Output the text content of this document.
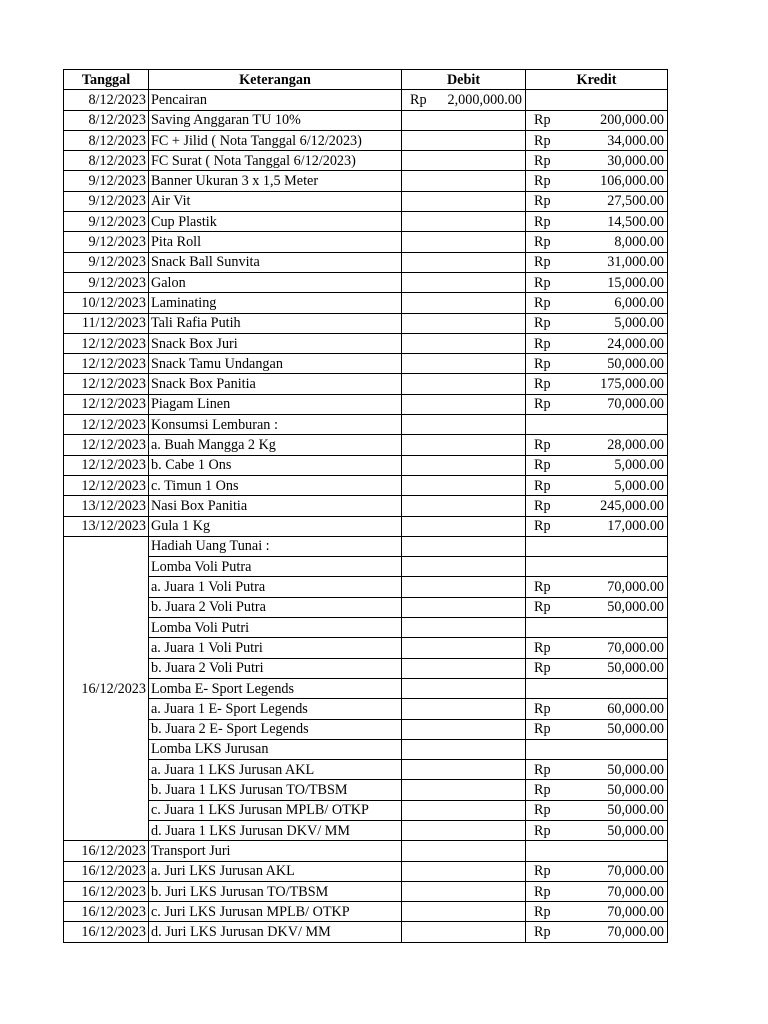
Tanggal	Keterangan	Debit	Kredit
8/12/2023	Pencairan	Rp 2,000,000.00	

8/12/2023	Saving Anggaran TU 10%		Rp 200,000.00

8/12/2023	FC + Jilid ( Nota Tanggal 6/12/2023)		Rp 34,000.00

8/12/2023	FC Surat ( Nota Tanggal 6/12/2023)		Rp 30,000.00

9/12/2023	Banner Ukuran 3 x 1,5 Meter		Rp 106,000.00

9/12/2023	Air Vit		Rp 27,500.00

9/12/2023	Cup Plastik		Rp 14,500.00

9/12/2023	Pita Roll		Rp 8,000.00

9/12/2023	Snack Ball Sunvita		Rp 31,000.00

9/12/2023	Galon		Rp 15,000.00

10/12/2023	Laminating		Rp 6,000.00

11/12/2023	Tali Rafia Putih		Rp 5,000.00

12/12/2023	Snack Box Juri		Rp 24,000.00

12/12/2023	Snack Tamu Undangan		Rp 50,000.00

12/12/2023	Snack Box Panitia		Rp 175,000.00

12/12/2023	Piagam Linen		Rp 70,000.00

12/12/2023	Konsumsi Lemburan :		
12/12/2023	a. Buah Mangga 2 Kg		Rp 28,000.00

12/12/2023	b. Cabe 1 Ons		Rp 5,000.00

12/12/2023	c. Timun 1 Ons		Rp 5,000.00

13/12/2023	Nasi Box Panitia		Rp 245,000.00

13/12/2023	Gula 1 Kg		Rp 17,000.00

16/12/2023	Hadiah Uang Tunai :		
	Lomba Voli Putra		
	a. Juara 1 Voli Putra		Rp 70,000.00

	b. Juara 2 Voli Putra		Rp 50,000.00

	Lomba Voli Putri		
	a. Juara 1 Voli Putri		Rp 70,000.00

	b. Juara 2 Voli Putri		Rp 50,000.00

	Lomba E- Sport Legends		
	a. Juara 1 E- Sport Legends		Rp 60,000.00

	b. Juara 2 E- Sport Legends		Rp 50,000.00

	Lomba LKS Jurusan		
	a. Juara 1 LKS Jurusan AKL		Rp 50,000.00

	b. Juara 1 LKS Jurusan TO/TBSM		Rp 50,000.00

	c. Juara 1 LKS Jurusan MPLB/ OTKP		Rp 50,000.00

	d. Juara 1 LKS Jurusan DKV/ MM		Rp 50,000.00

16/12/2023	Transport Juri		
16/12/2023	a. Juri LKS Jurusan AKL		Rp 70,000.00

16/12/2023	b. Juri LKS Jurusan TO/TBSM		Rp 70,000.00

16/12/2023	c. Juri LKS Jurusan MPLB/ OTKP		Rp 70,000.00

16/12/2023	d. Juri LKS Jurusan DKV/ MM		Rp 70,000.00
